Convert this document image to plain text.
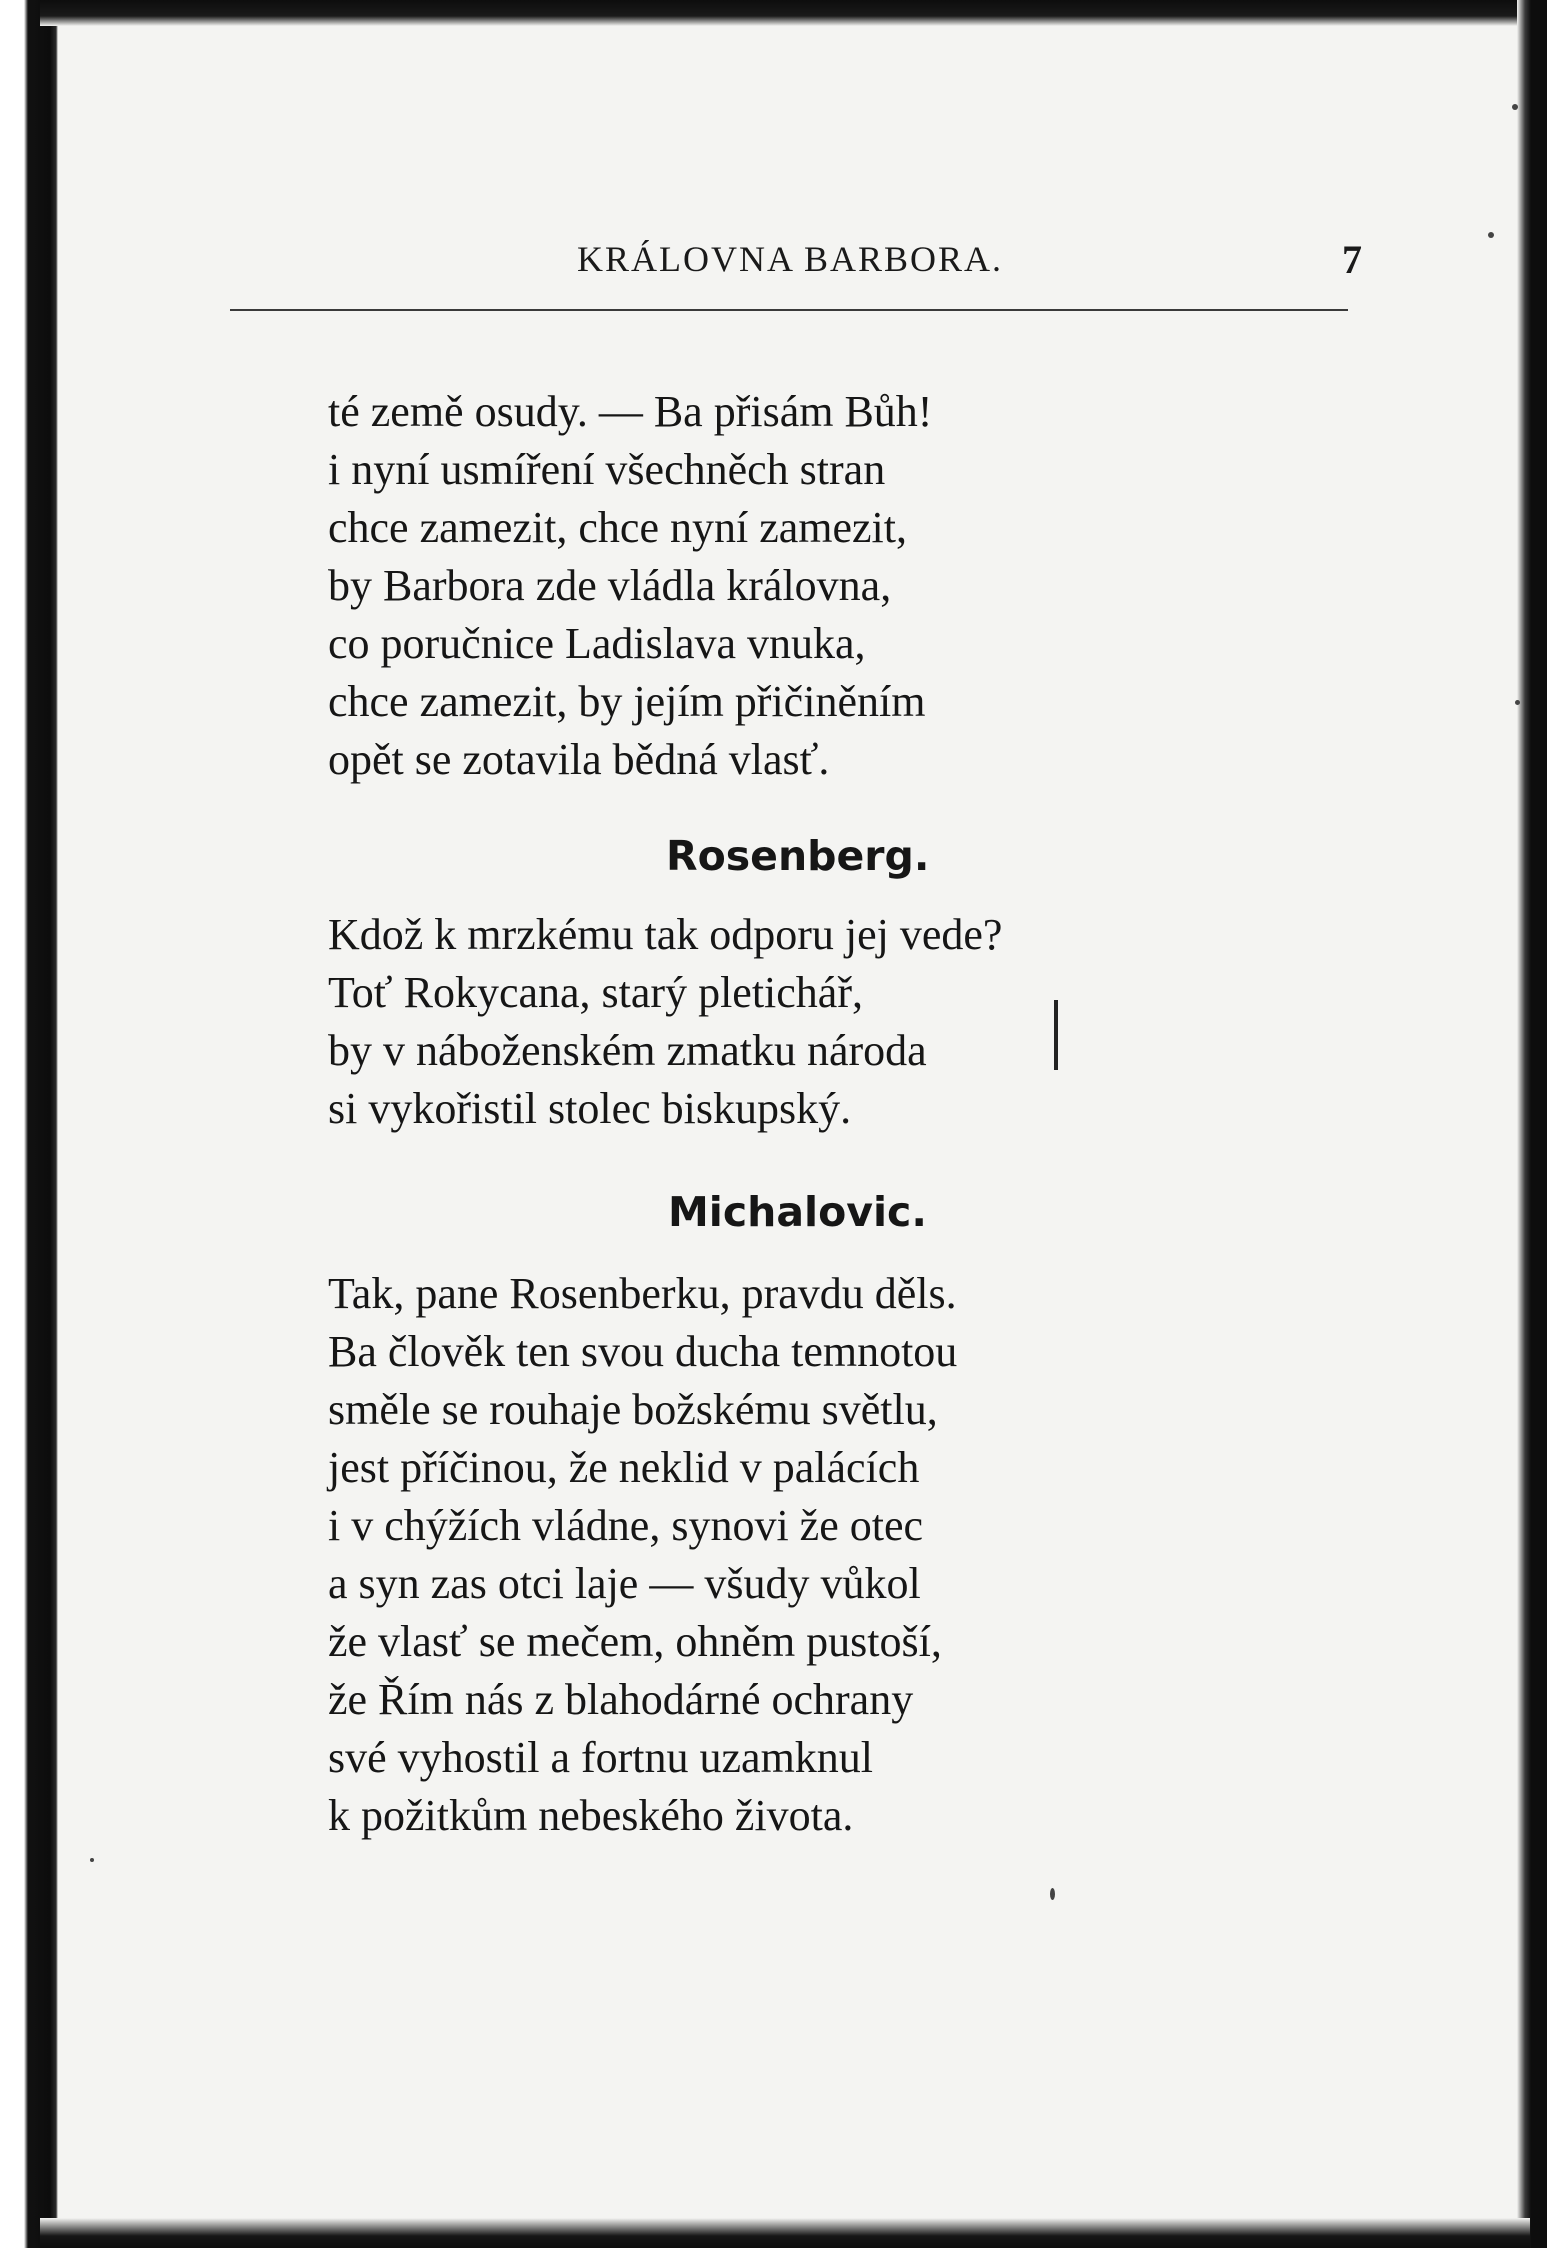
KRÁLOVNA BARBORA.	7
té země osudy. — Ba přisám Bůh!
i nyní usmíření všechněch stran
chce zamezit, chce nyní zamezit,
by Barbora zde vládla královna,
co poručnice Ladislava vnuka,
chce zamezit, by jejím přičiněním
opět se zotavila bědná vlasť.
Rosenberg.
Kdož k mrzkému tak odporu jej vede?
Toť Rokycana, starý pletichář,
by v náboženském zmatku národa
si vykořistil stolec biskupský.
Michalovic.
Tak, pane Rosenberku, pravdu děls.
Ba člověk ten svou ducha temnotou
směle se rouhaje božskému světlu,
jest příčinou, že neklid v palácích
i v chýžích vládne, synovi že otec
a syn zas otci laje — všudy vůkol
že vlasť se mečem, ohněm pustoší,
že Řím nás z blahodárné ochrany
své vyhostil a fortnu uzamknul
k požitkům nebeského života.
